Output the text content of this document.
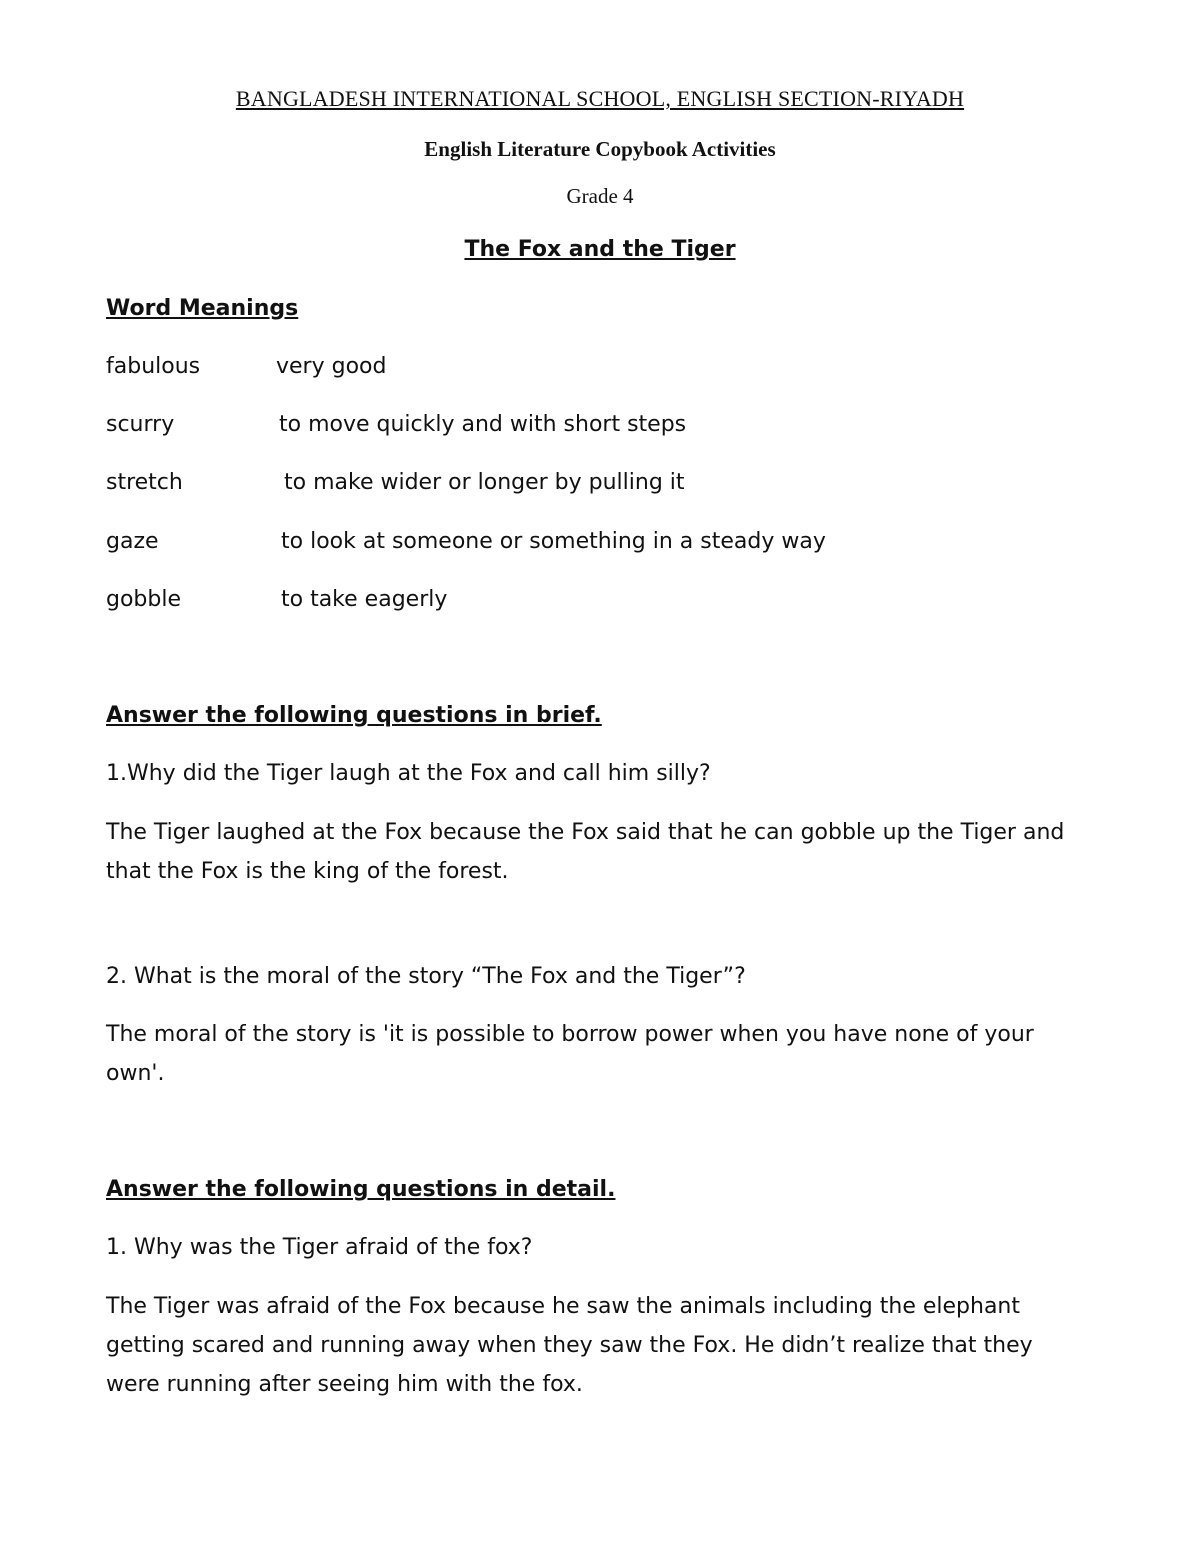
BANGLADESH INTERNATIONAL SCHOOL, ENGLISH SECTION-RIYADH

English Literature Copybook Activities

Grade 4

The Fox and the Tiger

Word Meanings

fabulous	very good

scurry	to move quickly and with short steps

stretch	to make wider or longer by pulling it

gaze	to look at someone or something in a steady way

gobble	to take eagerly

Answer the following questions in brief.

1.Why did the Tiger laugh at the Fox and call him silly?

The Tiger laughed at the Fox because the Fox said that he can gobble up the Tiger and that the Fox is the king of the forest.

2. What is the moral of the story “The Fox and the Tiger”?

The moral of the story is 'it is possible to borrow power when you have none of your own'.

Answer the following questions in detail.

1. Why was the Tiger afraid of the fox?

The Tiger was afraid of the Fox because he saw the animals including the elephant getting scared and running away when they saw the Fox. He didn’t realize that they were running after seeing him with the fox.
